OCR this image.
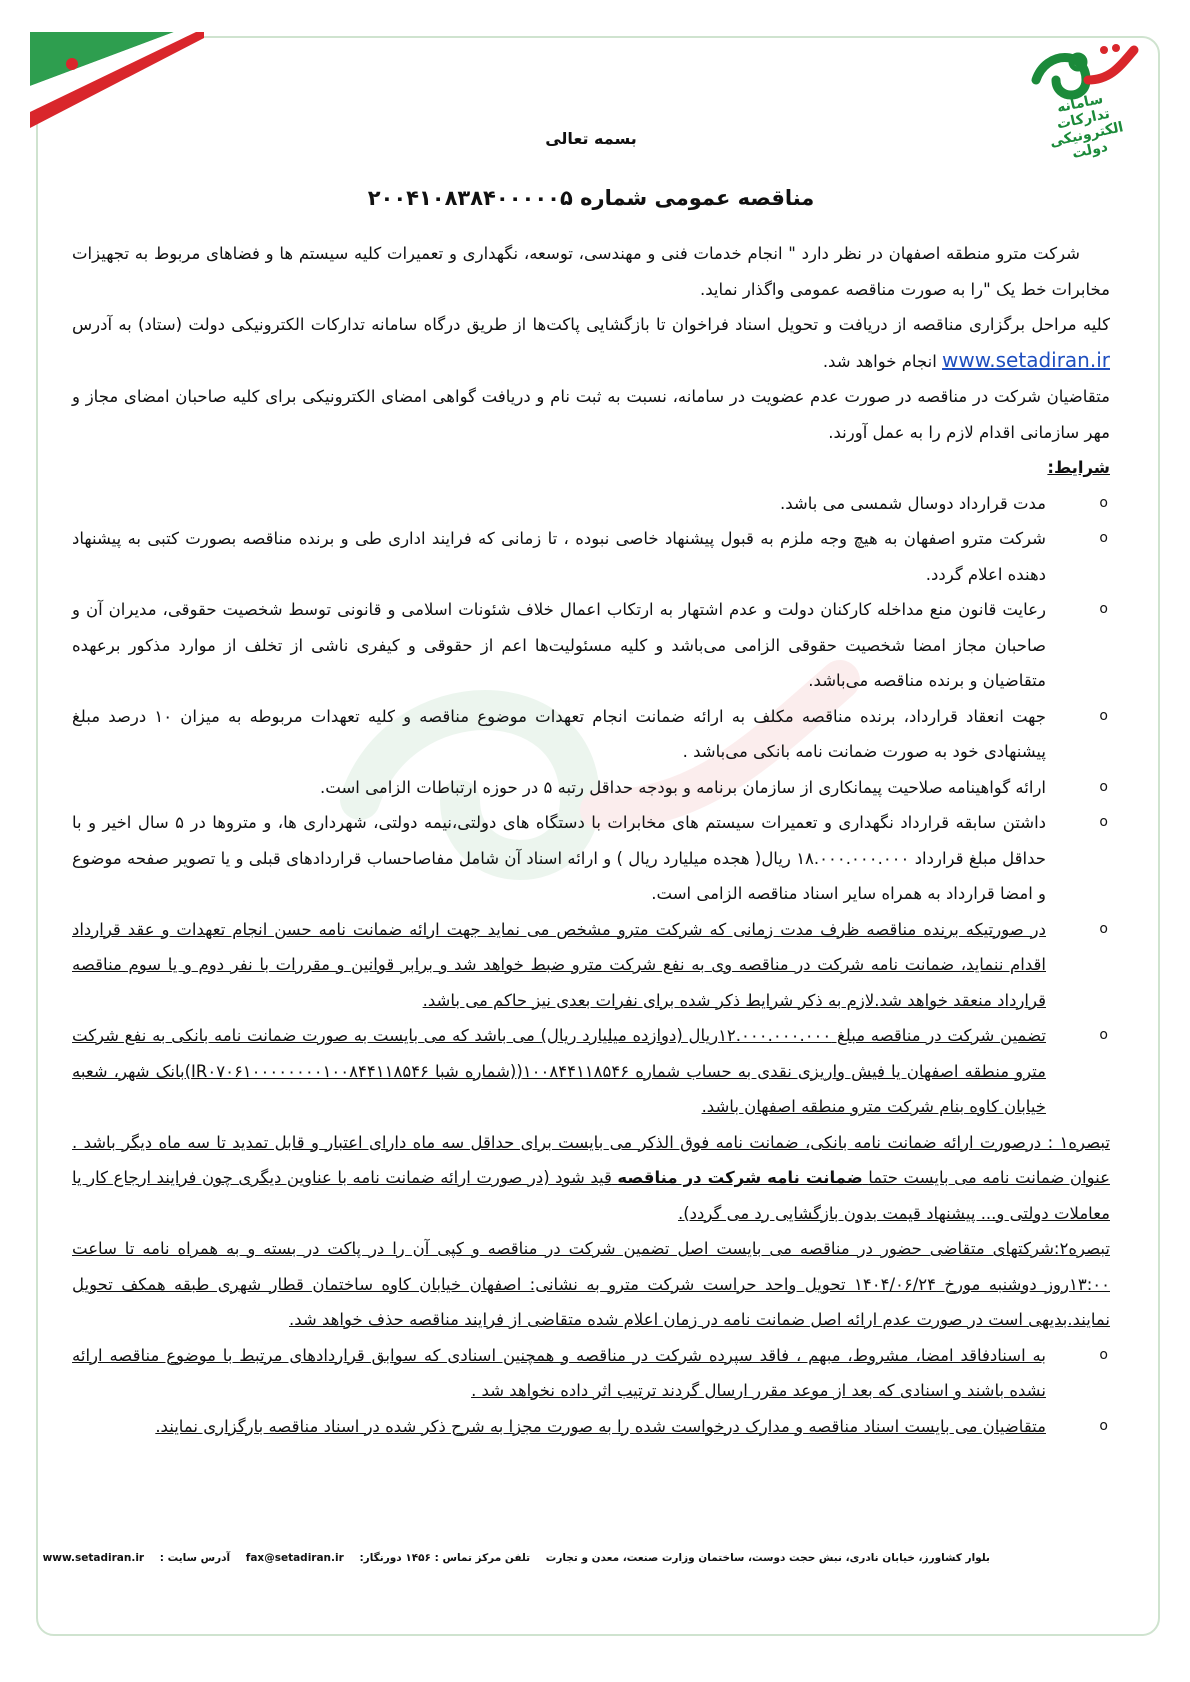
سامانه تدارکات الکترونیکی دولت

بسمه تعالی

مناقصه عمومی شماره ۲۰۰۴۱۰۸۳۸۴۰۰۰۰۰۵

شرکت مترو منطقه اصفهان در نظر دارد " انجام خدمات فنی و مهندسی، توسعه، نگهداری و تعمیرات کلیه سیستم ها و فضاهای مربوط به تجهیزات مخابرات خط یک "را به صورت مناقصه عمومی واگذار نماید.

کلیه مراحل برگزاری مناقصه از دریافت و تحویل اسناد فراخوان تا بازگشایی پاکت‌ها از طریق درگاه سامانه تدارکات الکترونیکی دولت (ستاد) به آدرس www.setadiran.ir انجام خواهد شد.

متقاضیان شرکت در مناقصه در صورت عدم عضویت در سامانه، نسبت به ثبت نام و دریافت گواهی امضای الکترونیکی برای کلیه صاحبان امضای مجاز و مهر سازمانی اقدام لازم را به عمل آورند.

شرایط:

o
مدت قرارداد دوسال شمسی می باشد.
o
شرکت مترو اصفهان به هیچ وجه ملزم به قبول پیشنهاد خاصی نبوده ، تا زمانی که فرایند اداری طی و برنده مناقصه بصورت کتبی به پیشنهاد دهنده اعلام گردد.
o
رعایت قانون منع مداخله کارکنان دولت و عدم اشتهار به ارتکاب اعمال خلاف شئونات اسلامی و قانونی توسط شخصیت حقوقی، مدیران آن و صاحبان مجاز امضا شخصیت حقوقی الزامی می‌باشد و کلیه مسئولیت‌ها اعم از حقوقی و کیفری ناشی از تخلف از موارد مذکور برعهده متقاضیان و برنده مناقصه می‌باشد.
o
جهت انعقاد قرارداد، برنده مناقصه مکلف به ارائه ضمانت انجام تعهدات موضوع مناقصه و کلیه تعهدات مربوطه به میزان ۱۰ درصد مبلغ پیشنهادی خود به صورت ضمانت نامه بانکی می‌باشد .
o
ارائه گواهینامه صلاحیت پیمانکاری از سازمان برنامه و بودجه حداقل رتبه ۵ در حوزه ارتباطات الزامی است.
o
داشتن سابقه قرارداد نگهداری و تعمیرات سیستم های مخابرات با دستگاه های دولتی،نیمه دولتی، شهرداری ها، و متروها در ۵ سال اخیر و با حداقل مبلغ قرارداد ۱۸.۰۰۰.۰۰۰.۰۰۰ ریال( هجده میلیارد ریال ) و ارائه اسناد آن شامل مفاصاحساب قراردادهای قبلی و یا تصویر صفحه موضوع و امضا قرارداد به همراه سایر اسناد مناقصه الزامی است.
o
در صورتیکه برنده مناقصه ظرف مدت زمانی که شرکت مترو مشخص می نماید جهت ارائه ضمانت نامه حسن انجام تعهدات و عقد قرارداد اقدام ننماید، ضمانت نامه شرکت در مناقصه وی به نفع شرکت مترو ضبط خواهد شد و برابر قوانین و مقررات با نفر دوم و یا سوم مناقصه قرارداد منعقد خواهد شد.لازم به ذکر شرایط ذکر شده برای نفرات بعدی نیز حاکم می باشد.
o
تضمین شرکت در مناقصه مبلغ ۱۲.۰۰۰.۰۰۰.۰۰۰ریال (دوازده میلیارد ریال) می باشد که می بایست به صورت ضمانت نامه بانکی به نفع شرکت مترو منطقه اصفهان یا فیش واریزی نقدی به حساب شماره ۱۰۰۸۴۴۱۱۸۵۴۶((شماره شبا IR۰۷۰۶۱۰۰۰۰۰۰۰۰۱۰۰۸۴۴۱۱۸۵۴۶)بانک شهر، شعبه خیابان کاوه بنام شرکت مترو منطقه اصفهان باشد.

تبصره۱ : درصورت ارائه ضمانت نامه بانکی، ضمانت نامه فوق الذکر می بایست برای حداقل سه ماه دارای اعتبار و قابل تمدید تا سه ماه دیگر باشد . عنوان ضمانت نامه می بایست حتما ضمانت نامه شرکت در مناقصه قید شود (در صورت ارائه ضمانت نامه با عناوین دیگری چون فرایند ارجاع کار یا معاملات دولتی و... پیشنهاد قیمت بدون بازگشایی رد می گردد).

تبصره۲:شرکتهای متقاضی حضور در مناقصه می بایست اصل تضمین شرکت در مناقصه و کپی آن را در پاکت در بسته و به همراه نامه تا ساعت ۱۳:۰۰روز دوشنبه مورخ ۱۴۰۴/۰۶/۲۴ تحویل واحد حراست شرکت مترو به نشانی: اصفهان خیابان کاوه ساختمان قطار شهری طبقه همکف تحویل نمایند.بدیهی است در صورت عدم ارائه اصل ضمانت نامه در زمان اعلام شده متقاضی از فرایند مناقصه حذف خواهد شد.

o
به اسنادفاقد امضا، مشروط، مبهم ، فاقد سپرده شرکت در مناقصه و همچنین اسنادی که سوابق قراردادهای مرتبط با موضوع مناقصه ارائه نشده باشند و اسنادی که بعد از موعد مقرر ارسال گردند ترتیب اثر داده نخواهد شد .
o
متقاضیان می بایست اسناد مناقصه و مدارک درخواست شده را به صورت مجزا به شرح ذکر شده در اسناد مناقصه بارگزاری نمایند.
بلوار کشاورز، خیابان نادری، نبش حجت دوست، ساختمان وزارت صنعت، معدن و تجارت تلفن مرکز تماس : ۱۴۵۶ دورنگار: fax@setadiran.ir آدرس سایت : www.setadiran.ir
